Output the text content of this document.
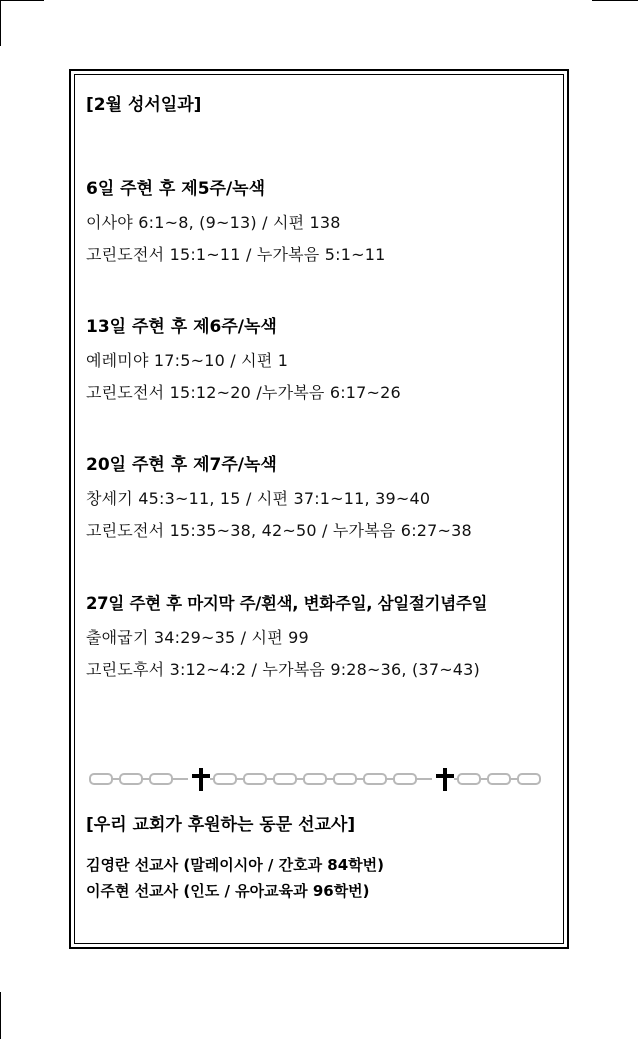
[2월 성서일과]
6일 주현 후 제5주/녹색
이사야 6:1~8, (9~13) / 시편 138
고린도전서 15:1~11 / 누가복음 5:1~11
13일 주현 후 제6주/녹색
예레미야 17:5~10 / 시편 1
고린도전서 15:12~20 /누가복음 6:17~26
20일 주현 후 제7주/녹색
창세기 45:3~11, 15 / 시편 37:1~11, 39~40
고린도전서 15:35~38, 42~50 / 누가복음 6:27~38
27일 주현 후 마지막 주/흰색, 변화주일, 삼일절기념주일
출애굽기 34:29~35 / 시편 99
고린도후서 3:12~4:2 / 누가복음 9:28~36, (37~43)
[우리 교회가 후원하는 동문 선교사]
김영란 선교사 (말레이시아 / 간호과 84학번)
이주현 선교사 (인도 / 유아교육과 96학번)
